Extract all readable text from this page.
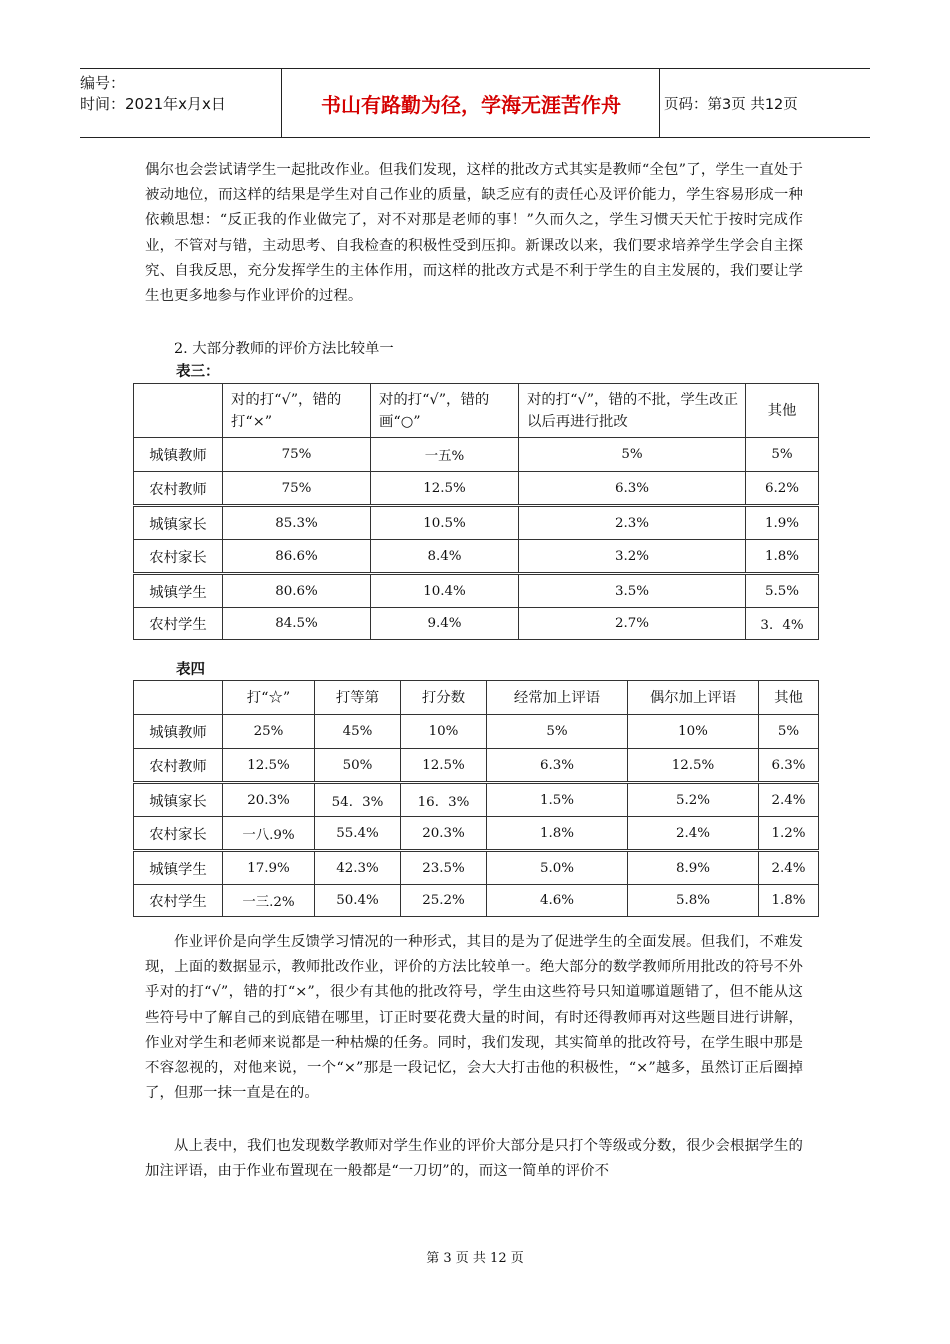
编号：
时间：2021年x月x日	书山有路勤为径，学海无涯苦作舟	页码：第3页 共12页
偶尔也会尝试请学生一起批改作业。但我们发现，这样的批改方式其实是教师“全包”了，学生一直处于被动地位，而这样的结果是学生对自己作业的质量，缺乏应有的责任心及评价能力，学生容易形成一种依赖思想：“反正我的作业做完了，对不对那是老师的事！”久而久之，学生习惯天天忙于按时完成作业，不管对与错，主动思考、自我检查的积极性受到压抑。新课改以来，我们要求培养学生学会自主探究、自我反思，充分发挥学生的主体作用，而这样的批改方式是不利于学生的自主发展的，我们要让学生也更多地参与作业评价的过程。
2. 大部分教师的评价方法比较单一
表三：
	对的打“√”，错的打“×”	对的打“√”，错的画“○”	对的打“√”，错的不批，学生改正以后再进行批改	其他
城镇教师	75%	一五%	5%	5%
农村教师	75%	12.5%	6.3%	6.2%
城镇家长	85.3%	10.5%	2.3%	1.9%
农村家长	86.6%	8.4%	3.2%	1.8%
城镇学生	80.6%	10.4%	3.5%	5.5%
农村学生	84.5%	9.4%	2.7%	3．4%
表四
	打“☆”	打等第	打分数	经常加上评语	偶尔加上评语	其他
城镇教师	25%	45%	10%	5%	10%	5%
农村教师	12.5%	50%	12.5%	6.3%	12.5%	6.3%
城镇家长	20.3%	54．3%	16．3%	1.5%	5.2%	2.4%
农村家长	一八.9%	55.4%	20.3%	1.8%	2.4%	1.2%
城镇学生	17.9%	42.3%	23.5%	5.0%	8.9%	2.4%
农村学生	一三.2%	50.4%	25.2%	4.6%	5.8%	1.8%
作业评价是向学生反馈学习情况的一种形式，其目的是为了促进学生的全面发展。但我们，不难发现，上面的数据显示，教师批改作业，评价的方法比较单一。绝大部分的数学教师所用批改的符号不外乎对的打“√”，错的打“×”，很少有其他的批改符号，学生由这些符号只知道哪道题错了，但不能从这些符号中了解自己的到底错在哪里，订正时要花费大量的时间，有时还得教师再对这些题目进行讲解，作业对学生和老师来说都是一种枯燥的任务。同时，我们发现，其实简单的批改符号，在学生眼中那是不容忽视的，对他来说，一个“×”那是一段记忆，会大大打击他的积极性，“×”越多，虽然订正后圈掉了，但那一抹一直是在的。
从上表中，我们也发现数学教师对学生作业的评价大部分是只打个等级或分数，很少会根据学生的加注评语，由于作业布置现在一般都是“一刀切”的，而这一简单的评价不
第 3 页 共 12 页
